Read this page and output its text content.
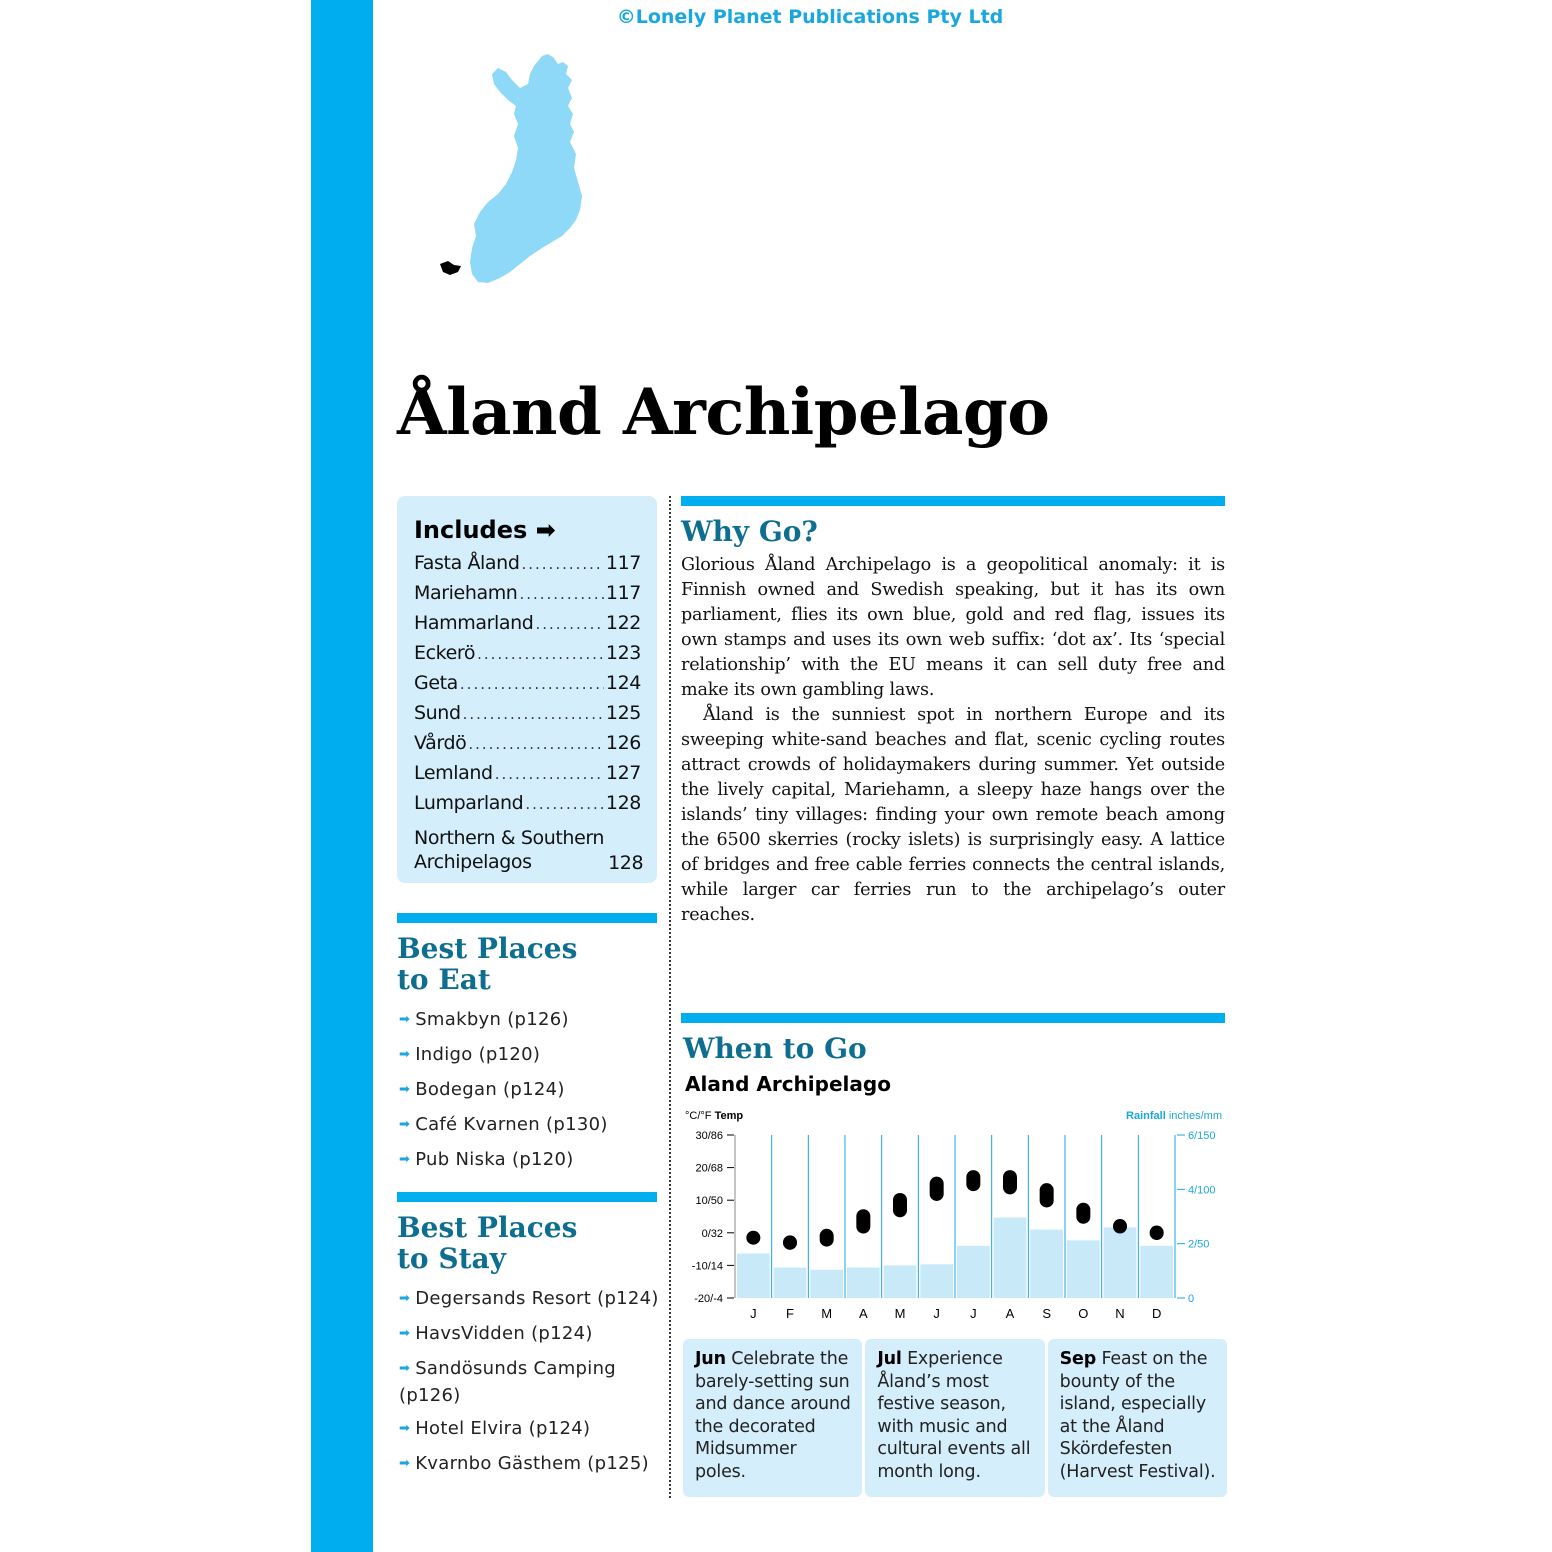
©Lonely Planet Publications Pty Ltd
Åland Archipelago
Includes ➡
Fasta Åland .....	117
Mariehamn .....	117
Hammarland .....	122
Eckerö .....	123
Geta .....	124
Sund .....	125
Vårdö .....	126
Lemland .....	127
Lumparland .....	128
Northern & Southern
Archipelagos	128
Best Places
to Eat
➡ Smakbyn (p126)
➡ Indigo (p120)
➡ Bodegan (p124)
➡ Café Kvarnen (p130)
➡ Pub Niska (p120)
Best Places
to Stay
➡ Degersands Resort (p124)
➡ HavsVidden (p124)
➡ Sandösunds Camping (p126)
➡ Hotel Elvira (p124)
➡ Kvarnbo Gästhem (p125)
Why Go?

Glorious Åland Archipelago is a geopolitical anomaly: it is Finnish owned and Swedish speaking, but it has its own parliament, flies its own blue, gold and red flag, issues its own stamps and uses its own web suffix: ‘dot ax’. Its ‘special relationship’ with the EU means it can sell duty free and make its own gambling laws.

Åland is the sunniest spot in northern Europe and its sweeping white-sand beaches and flat, scenic cycling routes attract crowds of holidaymakers during summer. Yet outside the lively capital, Mariehamn, a sleepy haze hangs over the islands’ tiny villages: finding your own remote beach among the 6500 skerries (rocky islets) is surprisingly easy. A lattice of bridges and free cable ferries connects the central islands, while larger car ferries run to the archipelago’s outer reaches.

When to Go
Aland Archipelago
°C/°F Temp	Rainfall inches/mm
30/86
20/68
10/50
0/32
-10/14
-20/-4
6/150
4/100
2/50
0
J F M A M J J A S O N D
Jun Celebrate the barely-setting sun and dance around the decorated Midsummer poles.
Jul Experience Åland’s most festive season, with music and cultural events all month long.
Sep Feast on the bounty of the island, especially at the Åland Skördefesten (Harvest Festival).
